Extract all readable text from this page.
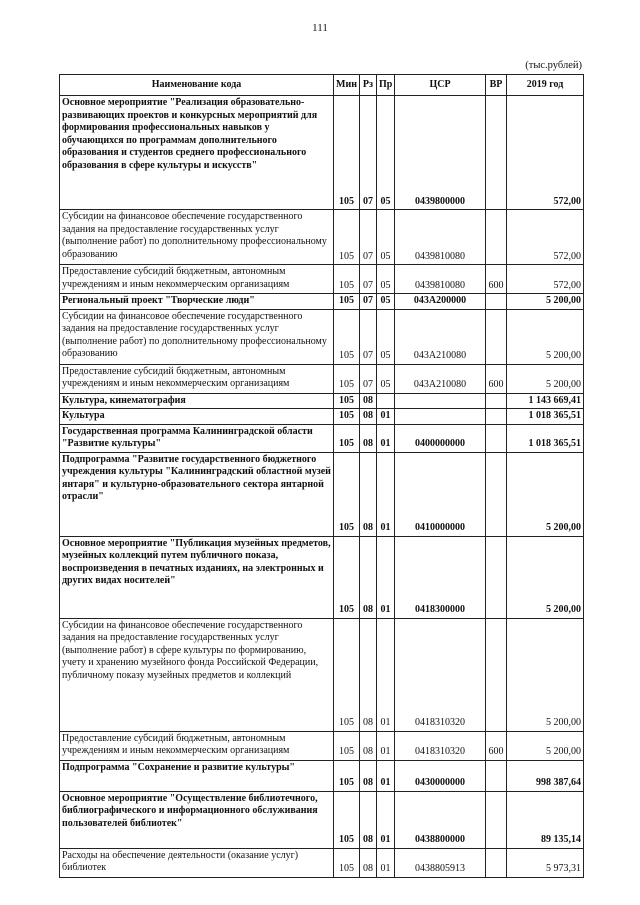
111
(тыс.рублей)
Наименование кода	Мин	Рз	Пр	ЦСР	ВР	2019 год
Основное мероприятие "Реализация образовательно-развивающих проектов и конкурсных мероприятий для формирования профессиональных навыков у обучающихся по программам дополнительного образования и студентов среднего профессионального образования в сфере культуры и искусств"	105	07	05	0439800000		572,00
Субсидии на финансовое обеспечение государственного задания на предоставление государственных услуг (выполнение работ) по дополнительному профессиональному образованию	105	07	05	0439810080		572,00
Предоставление субсидий бюджетным, автономным учреждениям и иным некоммерческим организациям	105	07	05	0439810080	600	572,00
Региональный проект "Творческие люди"	105	07	05	043А200000		5 200,00
Субсидии на финансовое обеспечение государственного задания на предоставление государственных услуг (выполнение работ) по дополнительному профессиональному образованию	105	07	05	043А210080		5 200,00
Предоставление субсидий бюджетным, автономным учреждениям и иным некоммерческим организациям	105	07	05	043А210080	600	5 200,00
Культура, кинематография	105	08				1 143 669,41
Культура	105	08	01			1 018 365,51
Государственная программа Калининградской области "Развитие культуры"	105	08	01	0400000000		1 018 365,51
Подпрограмма "Развитие государственного бюджетного учреждения культуры "Калининградский областной музей янтаря" и культурно-образовательного сектора янтарной отрасли"	105	08	01	0410000000		5 200,00
Основное мероприятие "Публикация музейных предметов, музейных коллекций путем публичного показа, воспроизведения в печатных изданиях, на электронных и других видах носителей"	105	08	01	0418300000		5 200,00
Субсидии на финансовое обеспечение государственного задания на предоставление государственных услуг (выполнение работ) в сфере культуры по формированию, учету и хранению музейного фонда Российской Федерации, публичному показу музейных предметов и коллекций	105	08	01	0418310320		5 200,00
Предоставление субсидий бюджетным, автономным учреждениям и иным некоммерческим организациям	105	08	01	0418310320	600	5 200,00
Подпрограмма "Сохранение и развитие культуры"	105	08	01	0430000000		998 387,64
Основное мероприятие "Осуществление библиотечного, библиографического и информационного обслуживания пользователей библиотек"	105	08	01	0438800000		89 135,14
Расходы на обеспечение деятельности (оказание услуг) библиотек	105	08	01	0438805913		5 973,31
